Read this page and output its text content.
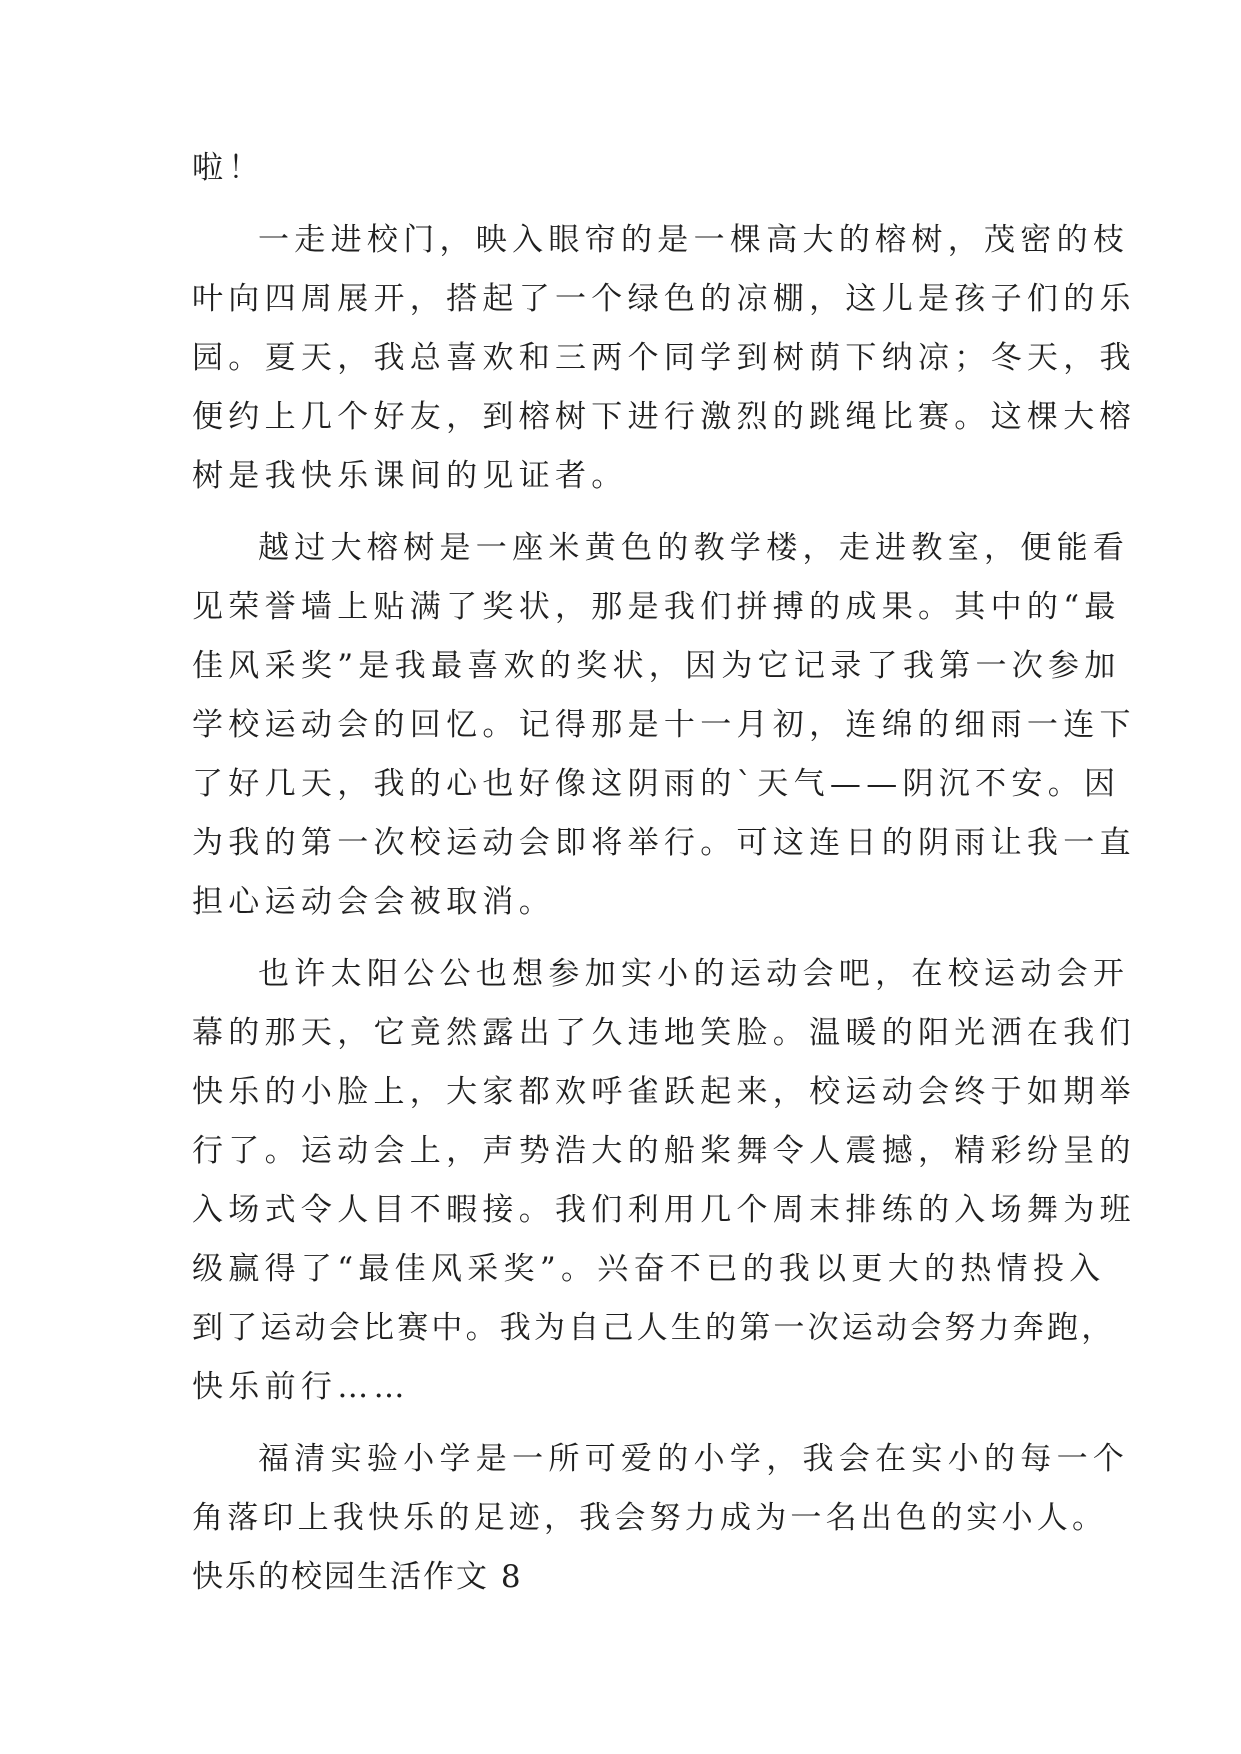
啦！
一走进校门，映入眼帘的是一棵高大的榕树，茂密的枝
叶向四周展开，搭起了一个绿色的凉棚，这儿是孩子们的乐
园。夏天，我总喜欢和三两个同学到树荫下纳凉；冬天，我
便约上几个好友，到榕树下进行激烈的跳绳比赛。这棵大榕
树是我快乐课间的见证者。
越过大榕树是一座米黄色的教学楼，走进教室，便能看
见荣誉墙上贴满了奖状，那是我们拼搏的成果。其中的“最
佳风采奖”是我最喜欢的奖状，因为它记录了我第一次参加
学校运动会的回忆。记得那是十一月初，连绵的细雨一连下
了好几天，我的心也好像这阴雨的`天气——阴沉不安。因
为我的第一次校运动会即将举行。可这连日的阴雨让我一直
担心运动会会被取消。
也许太阳公公也想参加实小的运动会吧，在校运动会开
幕的那天，它竟然露出了久违地笑脸。温暖的阳光洒在我们
快乐的小脸上，大家都欢呼雀跃起来，校运动会终于如期举
行了。运动会上，声势浩大的船桨舞令人震撼，精彩纷呈的
入场式令人目不暇接。我们利用几个周末排练的入场舞为班
级赢得了“最佳风采奖”。兴奋不已的我以更大的热情投入
到了运动会比赛中。我为自己人生的第一次运动会努力奔跑，
快乐前行……
福清实验小学是一所可爱的小学，我会在实小的每一个
角落印上我快乐的足迹，我会努力成为一名出色的实小人。
快乐的校园生活作文 8
